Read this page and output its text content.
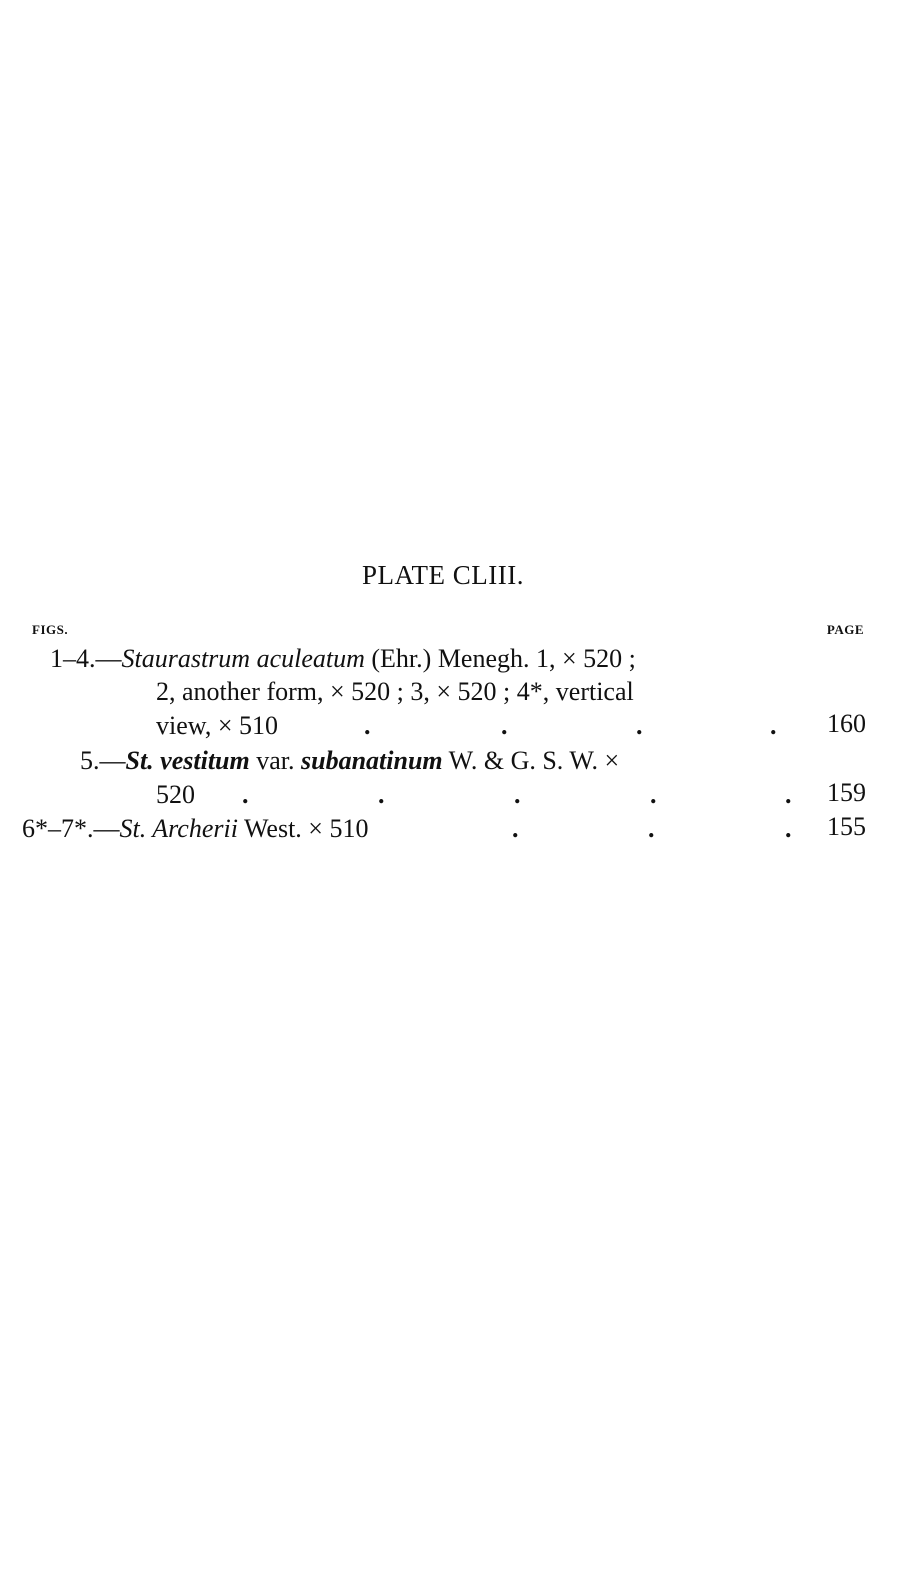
PLATE CLIII.
FIGS.	PAGE
1–4.—Staurastrum aculeatum (Ehr.) Menegh. 1, × 520 ;
2, another form, × 520 ; 3, × 520 ; 4*, vertical
view, × 510	.	.	.	. 160
5.—St. vestitum var. subanatinum W. & G. S. W. ×
520 .	.	.	.	. 159
6*–7*.—St. Archerii West. × 510	.	.	. 155
